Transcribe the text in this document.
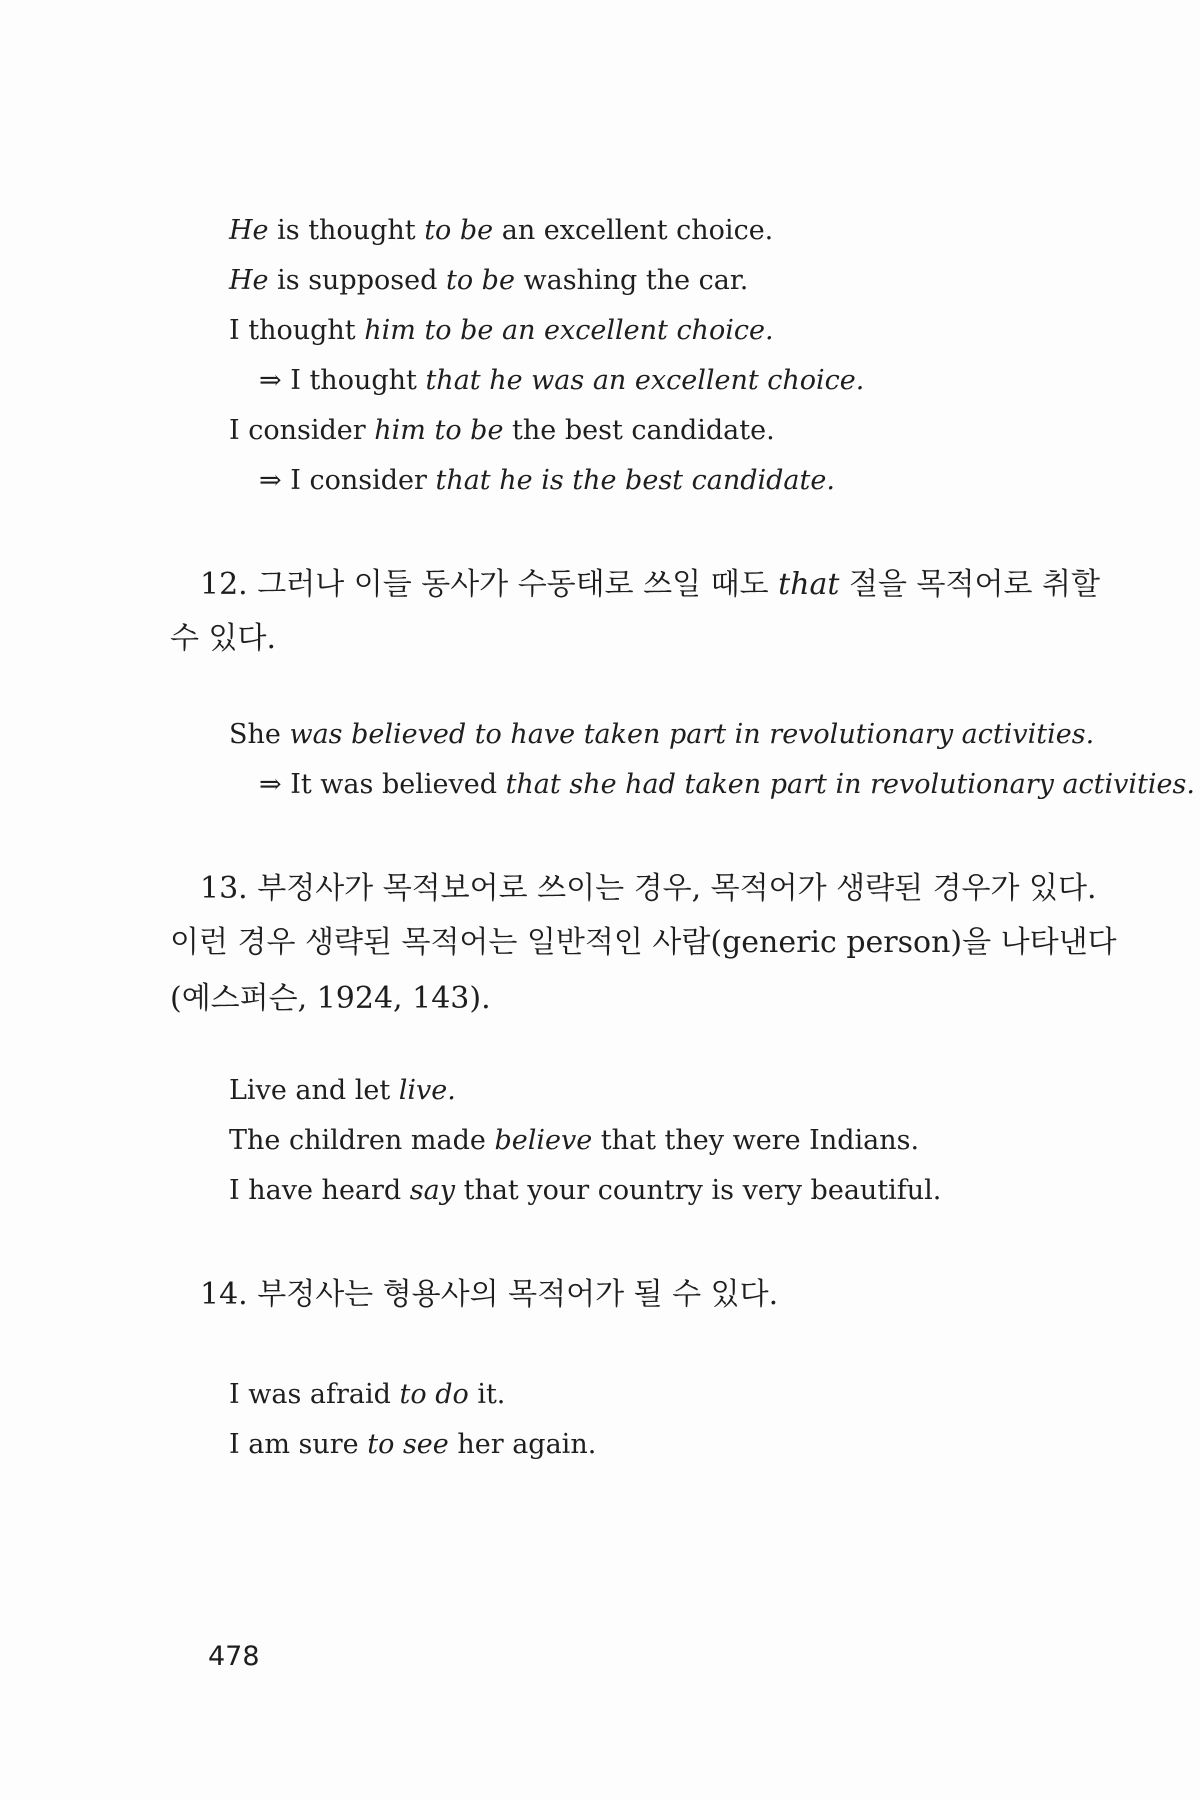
He is thought to be an excellent choice.
He is supposed to be washing the car.
I thought him to be an excellent choice.
⇒ I thought that he was an excellent choice.
I consider him to be the best candidate.
⇒ I consider that he is the best candidate.
12. 그러나 이들 동사가 수동태로 쓰일 때도 that 절을 목적어로 취할
수 있다.
She was believed to have taken part in revolutionary activities.
⇒ It was believed that she had taken part in revolutionary activities.
13. 부정사가 목적보어로 쓰이는 경우, 목적어가 생략된 경우가 있다.
이런 경우 생략된 목적어는 일반적인 사람(generic person)을 나타낸다
(예스퍼슨, 1924, 143).
Live and let live.
The children made believe that they were Indians.
I have heard say that your country is very beautiful.
14. 부정사는 형용사의 목적어가 될 수 있다.
I was afraid to do it.
I am sure to see her again.
478
